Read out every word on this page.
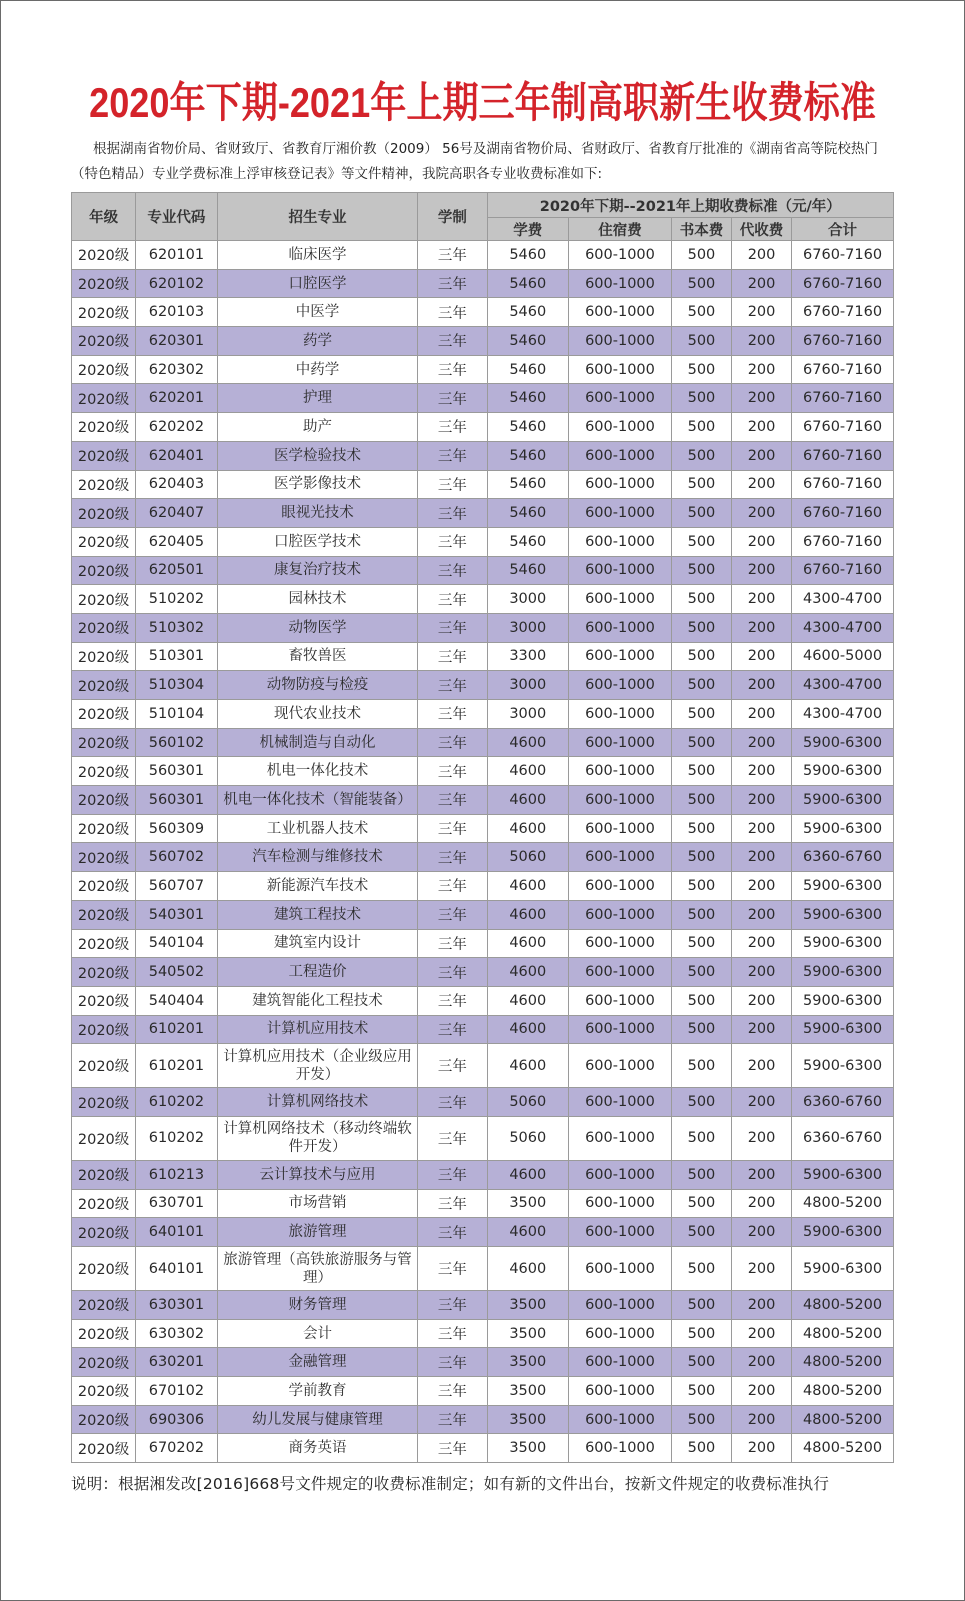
2020年下期-2021年上期三年制高职新生收费标准
根据湖南省物价局、省财致厅、省教育厅湘价教（2009） 56号及湖南省物价局、省财政厅、省教育厅批准的《湖南省高等院校热门（特色精品）专业学费标准上浮审核登记表》等文件精神，我院高职各专业收费标准如下:
年级	专业代码	招生专业	学制	2020年下期--2021年上期收费标准（元/年）				
				学费	住宿费	书本费	代收费	合计
2020级	620101	临床医学	三年	5460	600-1000	500	200	6760-7160
2020级	620102	口腔医学	三年	5460	600-1000	500	200	6760-7160
2020级	620103	中医学	三年	5460	600-1000	500	200	6760-7160
2020级	620301	药学	三年	5460	600-1000	500	200	6760-7160
2020级	620302	中药学	三年	5460	600-1000	500	200	6760-7160
2020级	620201	护理	三年	5460	600-1000	500	200	6760-7160
2020级	620202	助产	三年	5460	600-1000	500	200	6760-7160
2020级	620401	医学检验技术	三年	5460	600-1000	500	200	6760-7160
2020级	620403	医学影像技术	三年	5460	600-1000	500	200	6760-7160
2020级	620407	眼视光技术	三年	5460	600-1000	500	200	6760-7160
2020级	620405	口腔医学技术	三年	5460	600-1000	500	200	6760-7160
2020级	620501	康复治疗技术	三年	5460	600-1000	500	200	6760-7160
2020级	510202	园林技术	三年	3000	600-1000	500	200	4300-4700
2020级	510302	动物医学	三年	3000	600-1000	500	200	4300-4700
2020级	510301	畜牧兽医	三年	3300	600-1000	500	200	4600-5000
2020级	510304	动物防疫与检疫	三年	3000	600-1000	500	200	4300-4700
2020级	510104	现代农业技术	三年	3000	600-1000	500	200	4300-4700
2020级	560102	机械制造与自动化	三年	4600	600-1000	500	200	5900-6300
2020级	560301	机电一体化技术	三年	4600	600-1000	500	200	5900-6300
2020级	560301	机电一体化技术（智能装备）	三年	4600	600-1000	500	200	5900-6300
2020级	560309	工业机器人技术	三年	4600	600-1000	500	200	5900-6300
2020级	560702	汽车检测与维修技术	三年	5060	600-1000	500	200	6360-6760
2020级	560707	新能源汽车技术	三年	4600	600-1000	500	200	5900-6300
2020级	540301	建筑工程技术	三年	4600	600-1000	500	200	5900-6300
2020级	540104	建筑室内设计	三年	4600	600-1000	500	200	5900-6300
2020级	540502	工程造价	三年	4600	600-1000	500	200	5900-6300
2020级	540404	建筑智能化工程技术	三年	4600	600-1000	500	200	5900-6300
2020级	610201	计算机应用技术	三年	4600	600-1000	500	200	5900-6300
2020级	610201	计算机应用技术（企业级应用开发）	三年	4600	600-1000	500	200	5900-6300
2020级	610202	计算机网络技术	三年	5060	600-1000	500	200	6360-6760
2020级	610202	计算机网络技术（移动终端软件开发）	三年	5060	600-1000	500	200	6360-6760
2020级	610213	云计算技术与应用	三年	4600	600-1000	500	200	5900-6300
2020级	630701	市场营销	三年	3500	600-1000	500	200	4800-5200
2020级	640101	旅游管理	三年	4600	600-1000	500	200	5900-6300
2020级	640101	旅游管理（高铁旅游服务与管理）	三年	4600	600-1000	500	200	5900-6300
2020级	630301	财务管理	三年	3500	600-1000	500	200	4800-5200
2020级	630302	会计	三年	3500	600-1000	500	200	4800-5200
2020级	630201	金融管理	三年	3500	600-1000	500	200	4800-5200
2020级	670102	学前教育	三年	3500	600-1000	500	200	4800-5200
2020级	690306	幼儿发展与健康管理	三年	3500	600-1000	500	200	4800-5200
2020级	670202	商务英语	三年	3500	600-1000	500	200	4800-5200
说明：根据湘发改[2016]668号文件规定的收费标准制定；如有新的文件出台，按新文件规定的收费标准执行
